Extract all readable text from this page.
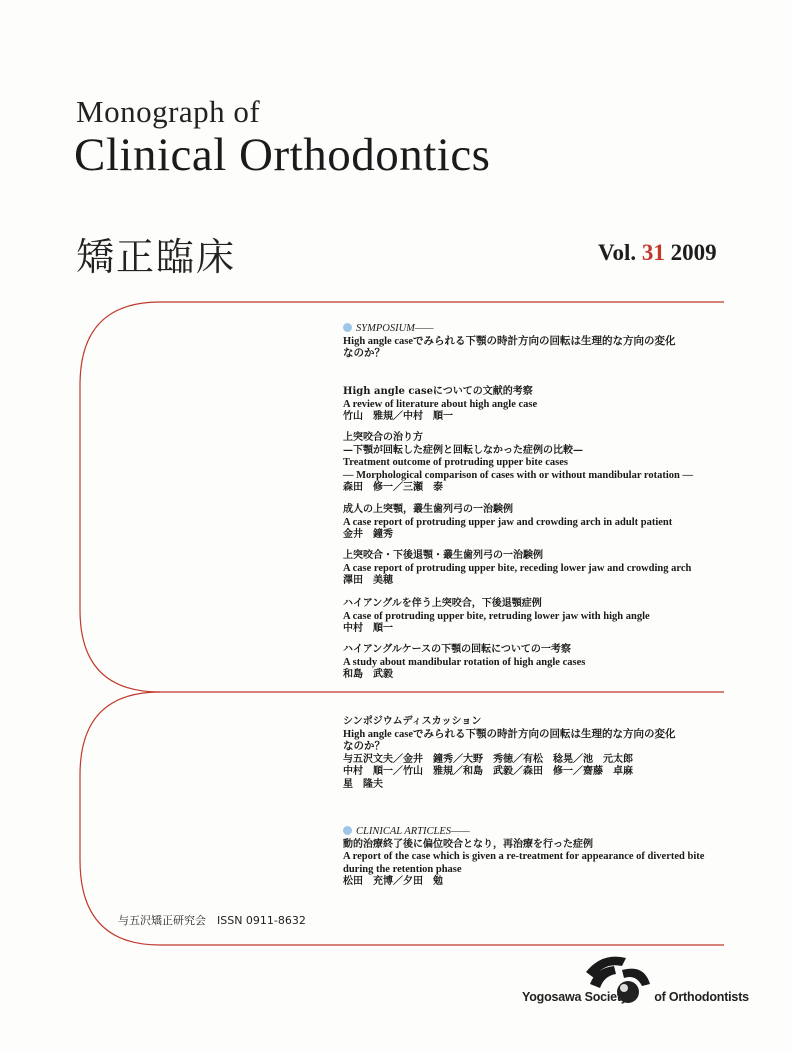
Monograph of
Clinical Orthodontics
矯正臨床	Vol. 31 2009
SYMPOSIUM——
High angle caseでみられる下顎の時計方向の回転は生理的な方向の変化
なのか？
High angle caseについての文献的考察
A review of literature about high angle case
竹山　雅規／中村　順一
上突咬合の治り方
—下顎が回転した症例と回転しなかった症例の比較—
Treatment outcome of protruding upper bite cases
— Morphological comparison of cases with or without mandibular rotation —
森田　修一／三瀬　泰
成人の上突顎，叢生歯列弓の一治験例
A case report of protruding upper jaw and crowding arch in adult patient
金井　鐘秀
上突咬合・下後退顎・叢生歯列弓の一治験例
A case report of protruding upper bite, receding lower jaw and crowding arch
澤田　美穂
ハイアングルを伴う上突咬合，下後退顎症例
A case of protruding upper bite, retruding lower jaw with high angle
中村　順一
ハイアングルケースの下顎の回転についての一考察
A study about mandibular rotation of high angle cases
和島　武毅
シンポジウムディスカッション
High angle caseでみられる下顎の時計方向の回転は生理的な方向の変化
なのか？
与五沢文夫／金井　鐘秀／大野　秀徳／有松　稔晃／池　元太郎
中村　順一／竹山　雅規／和島　武毅／森田　修一／齋藤　卓麻
星　隆夫
CLINICAL ARTICLES——
動的治療終了後に偏位咬合となり，再治療を行った症例
A report of the case which is given a re-treatment for appearance of diverted bite
during the retention phase
松田　充博／夕田　勉
与五沢矯正研究会　ISSN 0911-8632
Yogosawa Society of Orthodontists
